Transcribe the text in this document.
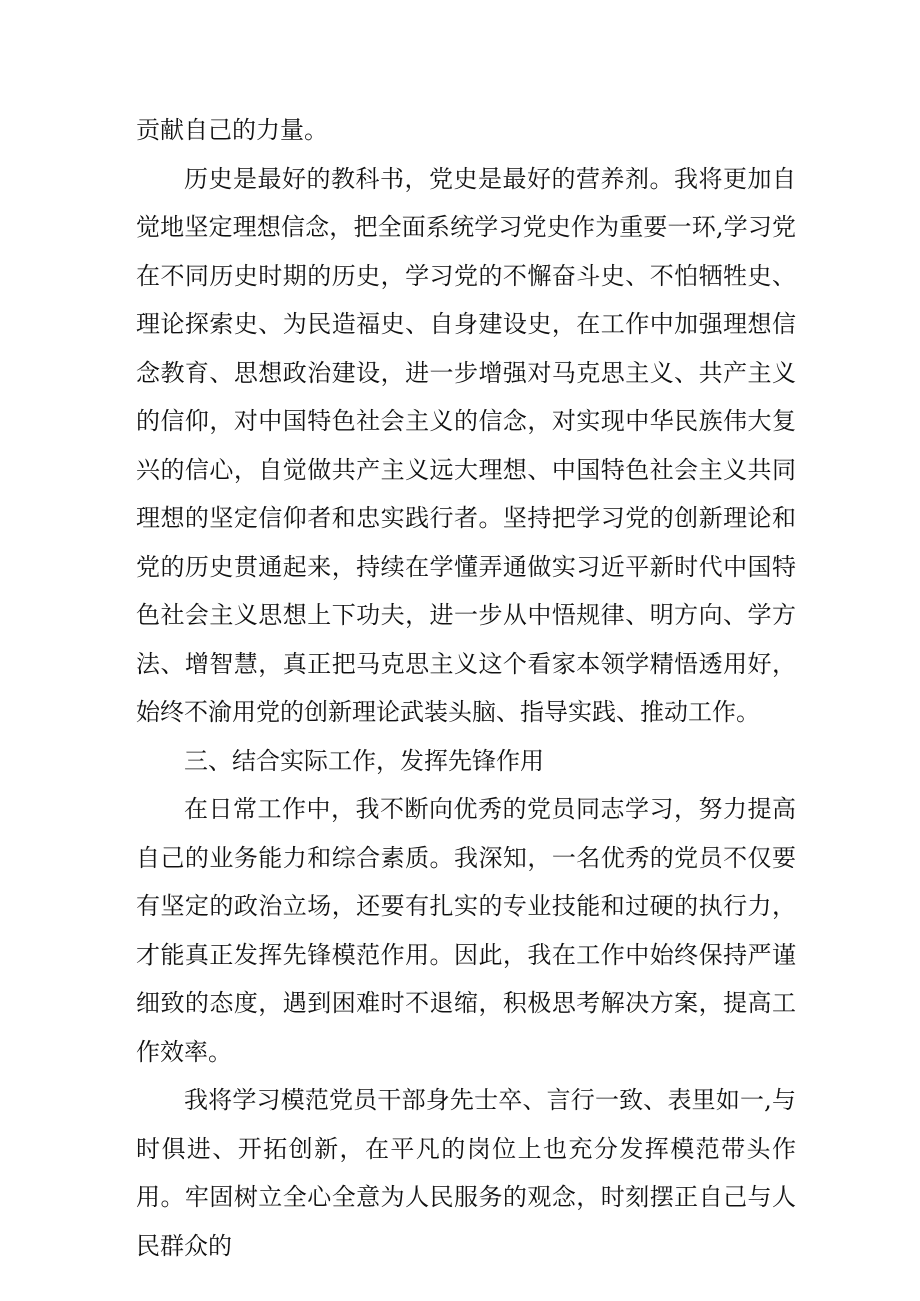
贡献自己的力量。

历史是最好的教科书，党史是最好的营养剂。我将更加自觉地坚定理想信念，把全面系统学习党史作为重要一环,学习党在不同历史时期的历史，学习党的不懈奋斗史、不怕牺牲史、理论探索史、为民造福史、自身建设史，在工作中加强理想信念教育、思想政治建设，进一步增强对马克思主义、共产主义的信仰，对中国特色社会主义的信念，对实现中华民族伟大复兴的信心，自觉做共产主义远大理想、中国特色社会主义共同理想的坚定信仰者和忠实践行者。坚持把学习党的创新理论和党的历史贯通起来，持续在学懂弄通做实习近平新时代中国特色社会主义思想上下功夫，进一步从中悟规律、明方向、学方法、增智慧，真正把马克思主义这个看家本领学精悟透用好，始终不渝用党的创新理论武装头脑、指导实践、推动工作。

三、结合实际工作，发挥先锋作用

在日常工作中，我不断向优秀的党员同志学习，努力提高自己的业务能力和综合素质。我深知，一名优秀的党员不仅要有坚定的政治立场，还要有扎实的专业技能和过硬的执行力，才能真正发挥先锋模范作用。因此，我在工作中始终保持严谨细致的态度，遇到困难时不退缩，积极思考解决方案，提高工作效率。

我将学习模范党员干部身先士卒、言行一致、表里如一,与时俱进、开拓创新，在平凡的岗位上也充分发挥模范带头作用。牢固树立全心全意为人民服务的观念，时刻摆正自己与人民群众的
